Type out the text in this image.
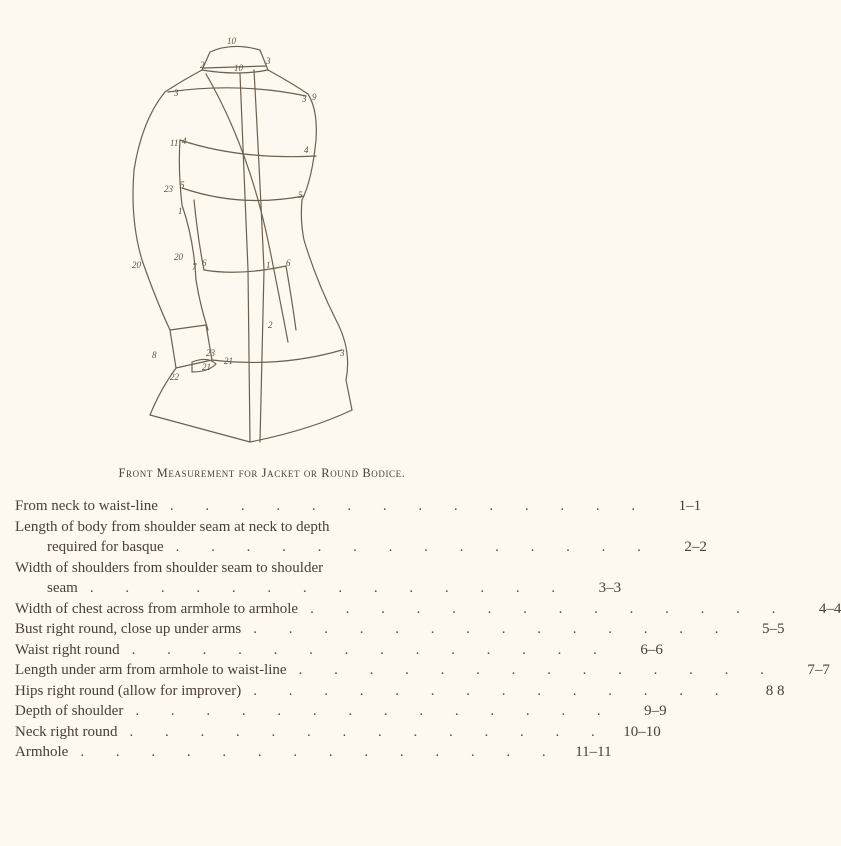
10
2	10
3
3 9
3
11 4
4
23 5
5
1
20
20
7 6	1 6
2
8	23
21
22
21
3
Front Measurement for Jacket or Round Bodice.
From neck to waist-line . . . . . . . . . . . . . .	1–1
Length of body from shoulder seam at neck to depth
required for basque . . . . . . . . . . . . . .	2–2
Width of shoulders from shoulder seam to shoulder
seam . . . . . . . . . . . . . .	3–3
Width of chest across from armhole to armhole . . . . . . . . . . . . . .	4–4
Bust right round, close up under arms . . . . . . . . . . . . . .	5–5
Waist right round . . . . . . . . . . . . . .	6–6
Length under arm from armhole to waist-line . . . . . . . . . . . . . .	7–7
Hips right round (allow for improver) . . . . . . . . . . . . . .	8 8
Depth of shoulder . . . . . . . . . . . . . .	9–9
Neck right round . . . . . . . . . . . . . . 10–10
Armhole . . . . . . . . . . . . . .	11–11
